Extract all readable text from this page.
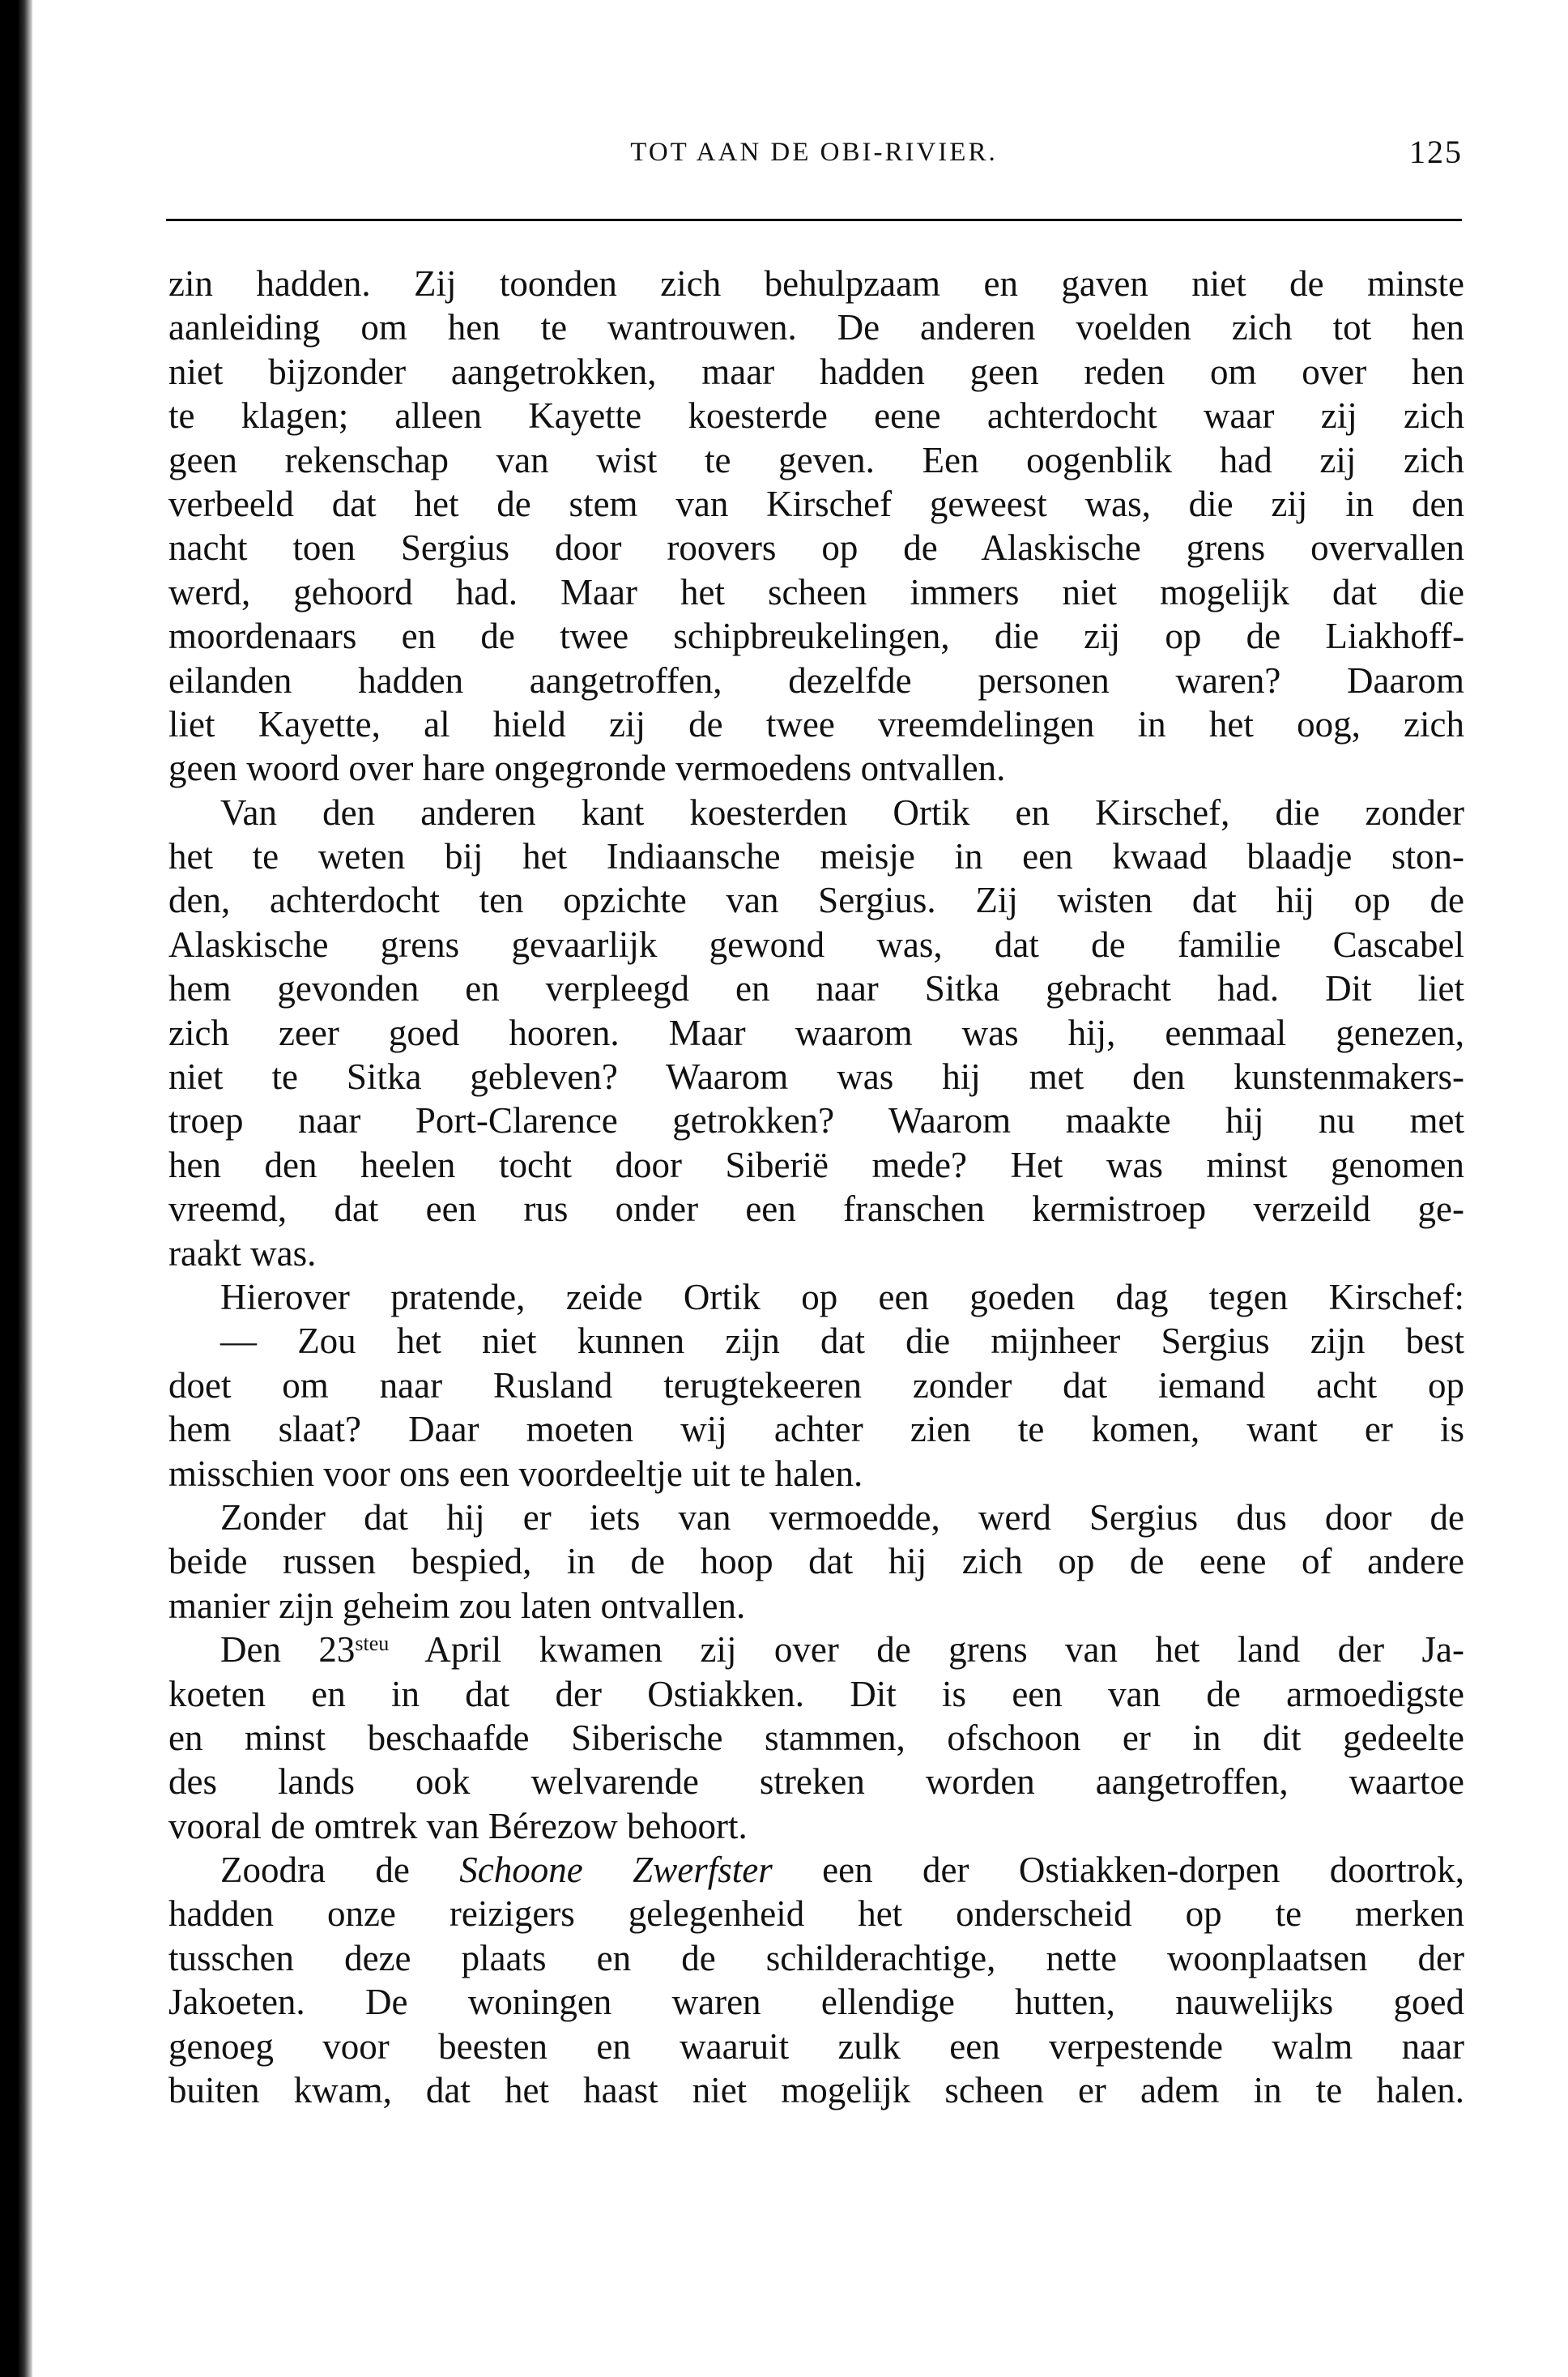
TOT AAN DE OBI-RIVIER.	125
zin hadden. Zij toonden zich behulpzaam en gaven niet de minste
aanleiding om hen te wantrouwen. De anderen voelden zich tot hen
niet bijzonder aangetrokken, maar hadden geen reden om over hen
te klagen; alleen Kayette koesterde eene achterdocht waar zij zich
geen rekenschap van wist te geven. Een oogenblik had zij zich
verbeeld dat het de stem van Kirschef geweest was, die zij in den
nacht toen Sergius door roovers op de Alaskische grens overvallen
werd, gehoord had. Maar het scheen immers niet mogelijk dat die
moordenaars en de twee schipbreukelingen, die zij op de Liakhoff-
eilanden hadden aangetroffen, dezelfde personen waren? Daarom
liet Kayette, al hield zij de twee vreemdelingen in het oog, zich
geen woord over hare ongegronde vermoedens ontvallen.
Van den anderen kant koesterden Ortik en Kirschef, die zonder
het te weten bij het Indiaansche meisje in een kwaad blaadje ston-
den, achterdocht ten opzichte van Sergius. Zij wisten dat hij op de
Alaskische grens gevaarlijk gewond was, dat de familie Cascabel
hem gevonden en verpleegd en naar Sitka gebracht had. Dit liet
zich zeer goed hooren. Maar waarom was hij, eenmaal genezen,
niet te Sitka gebleven? Waarom was hij met den kunstenmakers-
troep naar Port-Clarence getrokken? Waarom maakte hij nu met
hen den heelen tocht door Siberië mede? Het was minst genomen
vreemd, dat een rus onder een franschen kermistroep verzeild ge-
raakt was.
Hierover pratende, zeide Ortik op een goeden dag tegen Kirschef:
— Zou het niet kunnen zijn dat die mijnheer Sergius zijn best
doet om naar Rusland terugtekeeren zonder dat iemand acht op
hem slaat? Daar moeten wij achter zien te komen, want er is
misschien voor ons een voordeeltje uit te halen.
Zonder dat hij er iets van vermoedde, werd Sergius dus door de
beide russen bespied, in de hoop dat hij zich op de eene of andere
manier zijn geheim zou laten ontvallen.
Den $23^{steu}$ April kwamen zij over de grens van het land der Ja-
koeten en in dat der Ostiakken. Dit is een van de armoedigste
en minst beschaafde Siberische stammen, ofschoon er in dit gedeelte
des lands ook welvarende streken worden aangetroffen, waartoe
vooral de omtrek van Bérezow behoort.
Zoodra de Schoone Zwerfster een der Ostiakken-dorpen doortrok,
hadden onze reizigers gelegenheid het onderscheid op te merken
tusschen deze plaats en de schilderachtige, nette woonplaatsen der
Jakoeten. De woningen waren ellendige hutten, nauwelijks goed
genoeg voor beesten en waaruit zulk een verpestende walm naar
buiten kwam, dat het haast niet mogelijk scheen er adem in te halen.
